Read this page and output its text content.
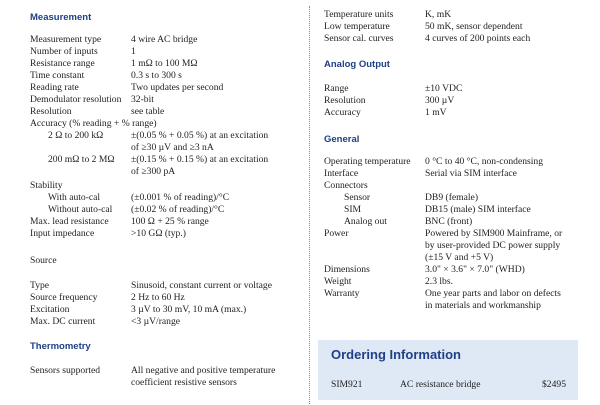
Measurement
Measurement type	4 wire AC bridge
Number of inputs	1
Resistance range	1 mΩ to 100 MΩ
Time constant	0.3 s to 300 s
Reading rate	Two updates per second
Demodulator resolution 32-bit
Resolution	see table
Accuracy (% reading + % range)
2 Ω to 200 kΩ	±(0.05 % + 0.05 %) at an excitation
of ≥30 µV and ≥3 nA
200 mΩ to 2 MΩ ±(0.15 % + 0.15 %) at an excitation
of ≥300 pA
Stability
With auto-cal	(±0.001 % of reading)/°C
Without auto-cal (±0.02 % of reading)/°C
Max. lead resistance 100 Ω + 25 % range
Input impedance	>10 GΩ (typ.)
Source
Type	Sinusoid, constant current or voltage
Source frequency	2 Hz to 60 Hz
Excitation	3 µV to 30 mV, 10 mA (max.)
Max. DC current	<3 µV/range
Thermometry
Sensors supported	All negative and positive temperature
coefficient resistive sensors
Temperature units	K, mK
Low temperature	50 mK, sensor dependent
Sensor cal. curves	4 curves of 200 points each
Analog Output
Range	±10 VDC
Resolution	300 µV
Accuracy	1 mV
General
Operating temperature 0 °C to 40 °C, non-condensing
Interface	Serial via SIM interface
Connectors
Sensor	DB9 (female)
SIM	DB15 (male) SIM interface
Analog out	BNC (front)
Power	Powered by SIM900 Mainframe, or
by user-provided DC power supply
(±15 V and +5 V)
Dimensions	3.0" × 3.6" × 7.0" (WHD)
Weight	2.3 lbs.
Warranty	One year parts and labor on defects
in materials and workmanship
Ordering Information
SIM921	AC resistance bridge	$2495
